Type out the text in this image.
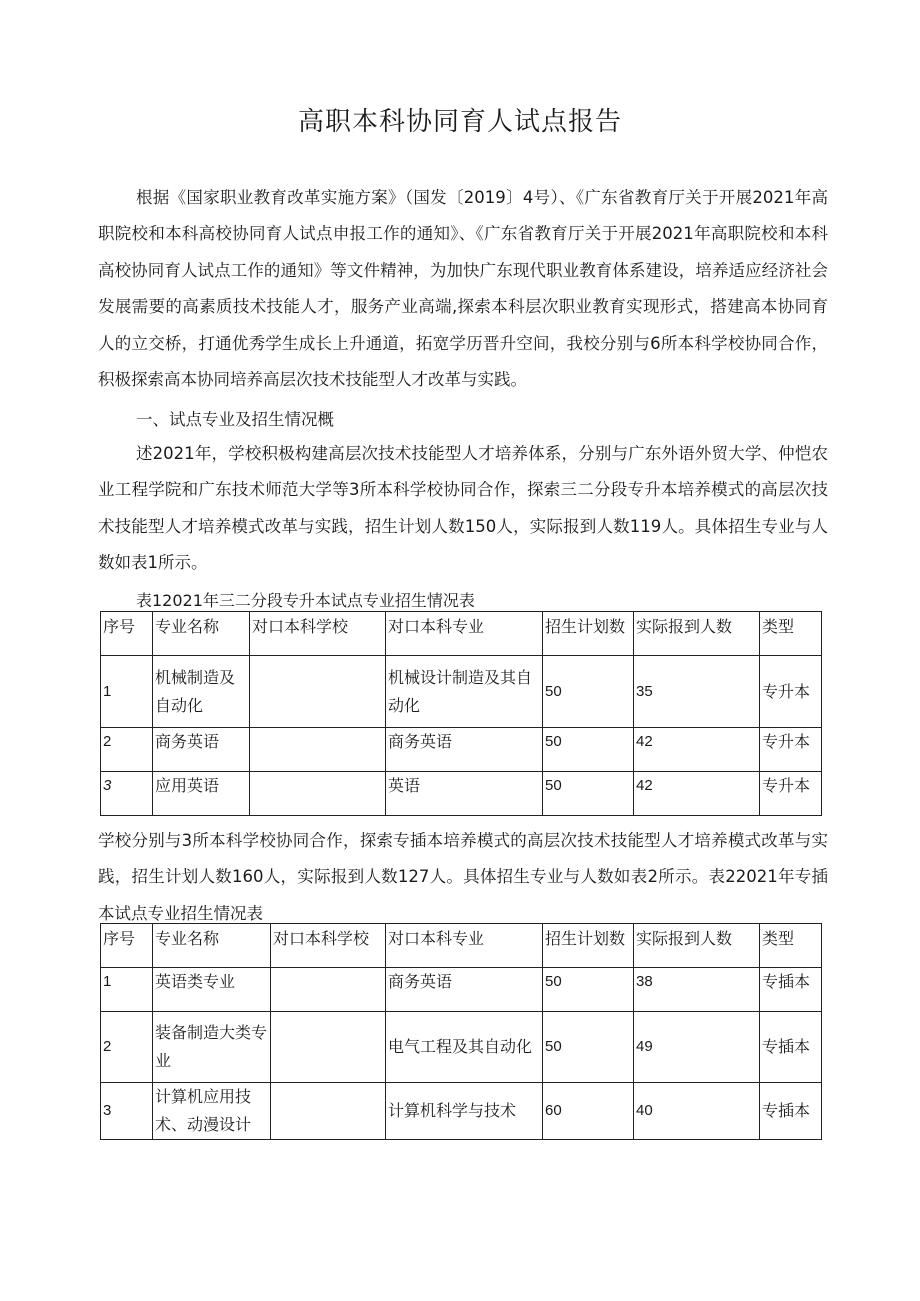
高职本科协同育人试点报告

根据《国家职业教育改革实施方案》（国发〔2019〕4号）、《广东省教育厅关于开展2021年高职院校和本科高校协同育人试点申报工作的通知》、《广东省教育厅关于开展2021年高职院校和本科高校协同育人试点工作的通知》等文件精神，为加快广东现代职业教育体系建设，培养适应经济社会发展需要的高素质技术技能人才，服务产业高端,探索本科层次职业教育实现形式，搭建高本协同育人的立交桥，打通优秀学生成长上升通道，拓宽学历晋升空间，我校分别与6所本科学校协同合作，积极探索高本协同培养高层次技术技能型人才改革与实践。

一、试点专业及招生情况概

述2021年，学校积极构建高层次技术技能型人才培养体系，分别与广东外语外贸大学、仲恺农业工程学院和广东技术师范大学等3所本科学校协同合作，探索三二分段专升本培养模式的高层次技术技能型人才培养模式改革与实践，招生计划人数150人，实际报到人数119人。具体招生专业与人数如表1所示。

表12021年三二分段专升本试点专业招生情况表
序号	专业名称	对口本科学校	对口本科专业	招生计划数	实际报到人数	类型
1	机械制造及自动化		机械设计制造及其自动化	50	35	专升本
2	商务英语		商务英语	50	42	专升本
3	应用英语		英语	50	42	专升本

学校分别与3所本科学校协同合作，探索专插本培养模式的高层次技术技能型人才培养模式改革与实践，招生计划人数160人，实际报到人数127人。具体招生专业与人数如表2所示。表22021年专插本试点专业招生情况表

序号	专业名称	对口本科学校	对口本科专业	招生计划数	实际报到人数	类型
1	英语类专业		商务英语	50	38	专插本
2	装备制造大类专业		电气工程及其自动化	50	49	专插本
3	计算机应用技术、动漫设计		计算机科学与技术	60	40	专插本
